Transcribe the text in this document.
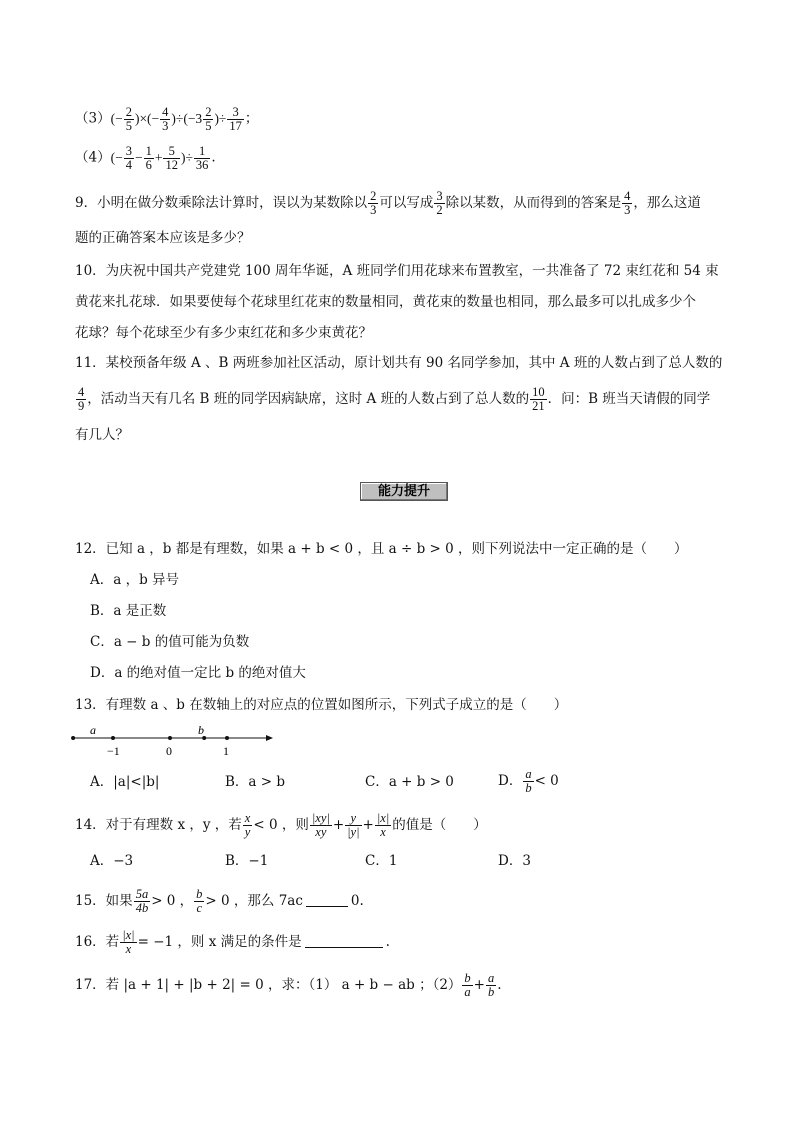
$(3)(- \frac{2}{5}$ )×(− $\frac{4}{3} )\div(-3 \frac{2}{5}$ )÷ $\frac{3}{17}$ ；
$(4)(- \frac{3}{4} - \frac{1}{6} + \frac{5}{12}$ )÷ $\frac{1}{36}$ .
9．小明在做分数乘除法计算时，误以为某数除以 $\frac{2}{3}$ 可以写成 $\frac{3}{2}$ 除以某数，从而得到的答案是 $\frac{4}{3}$ ，那么这道
题的正确答案本应该是多少？
10．为庆祝中国共产党建党 100 周年华诞，A 班同学们用花球来布置教室，一共准备了 72 束红花和 54 束
黄花来扎花球．如果要使每个花球里红花束的数量相同，黄花束的数量也相同，那么最多可以扎成多少个
花球？每个花球至少有多少束红花和多少束黄花？
11．某校预备年级 A 、B 两班参加社区活动，原计划共有 90 名同学参加，其中 A 班的人数占到了总人数的
$\frac{4}{9}$ ，活动当天有几名 B 班的同学因病缺席，这时 A 班的人数占到了总人数的 $\frac{10}{21}$ ．问：B 班当天请假的同学
有几人？
能力提升
12．已知 a ，b 都是有理数，如果 a + b < 0 ，且 a ÷ b > 0 ，则下列说法中一定正确的是（　　）
A．a ，b 异号
B．a 是正数
C．a − b 的值可能为负数
D．a 的绝对值一定比 b 的绝对值大
13．有理数 a 、b 在数轴上的对应点的位置如图所示，下列式子成立的是（　　）
a	b
−1	0	1
A．|a|<|b|	B．a > b	C．a + b > 0	D． $\frac{a}{b} < 0$
14．对于有理数 x ，y ，若 $\frac{x}{y} < 0$ ，则 $\frac{|xy|}{xy} + \frac{y}{|y|} + \frac{|x|}{x}$ 的值是（　　）
A．−3	B．−1	C．1	D．3
15．如果 $\frac{5a}{4b} > 0$ ， $\frac{b}{c} > 0$ ，那么 7ac	0.
16．若 $\frac{|x|}{x} = -1$ ，则 x 满足的条件是	.
17．若 |a + 1| + |b + 2| = 0 ，求：（1） a + b − ab ；$(2) \frac{b}{a} + \frac{a}{b}$ .
